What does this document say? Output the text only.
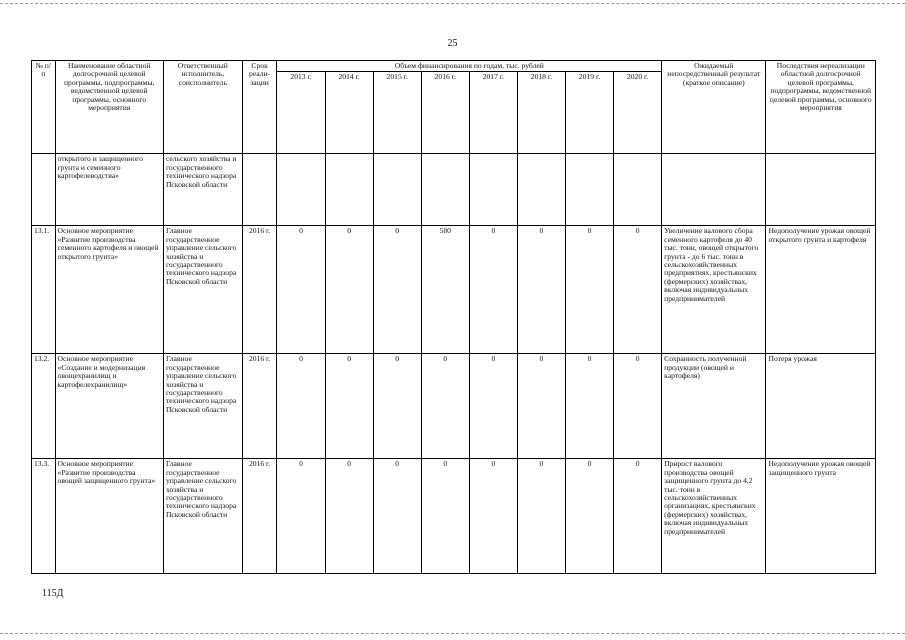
25
№ п/п	Наименование областной долгосрочной целевой программы, подпрограммы, ведомственной целевой программы, основного мероприятия	Ответственный исполнитель, соисполнитель	Срок реали-зации	Объем финансирования по годам, тыс. рублей								Ожидаемый непосредственный результат (краткое описание)	Последствия нереализации областной долгосрочной целевой программы, подпрограммы, ведомственной целевой программы, основного мероприятия
				2013 г.	2014 г.	2015 г.	2016 г.	2017 г.	2018 г.	2019 г.	2020 г.		
	открытого и защищенного грунта и семенного картофелеводства»	сельского хозяйства и государственного технического надзора Псковской области											
13.1.	Основное мероприятие «Развитие производства семенного картофеля и овощей открытого грунта»	Главное государственное управление сельского хозяйства и государственного технического надзора Псковской области	2016 г.	0	0	0	580	0	0	0	0	Увеличение валового сбора семенного картофеля до 40 тыс. тонн, овощей открытого грунта - до 6 тыс. тонн в сельскохозяйственных предприятиях, крестьянских (фермерских) хозяйствах, включая индивидуальных предпринимателей	Недополучение урожая овощей открытого грунта и картофеля
13.2.	Основное мероприятие «Создание и модернизация овощехранилищ и картофелехранилищ»	Главное государственное управление сельского хозяйства и государственного технического надзора Псковской области	2016 г.	0	0	0	0	0	0	0	0	Сохранность полученной продукции (овощей и картофеля)	Потеря урожая
13.3.	Основное мероприятие «Развитие производства овощей защищенного грунта»	Главное государственное управление сельского хозяйства и государственного технического надзора Псковской области	2016 г.	0	0	0	0	0	0	0	0	Прирост валового производства овощей защищенного грунта до 4,2 тыс. тонн в сельскохозяйственных организациях, крестьянских (фермерских) хозяйствах, включая индивидуальных предпринимателей	Недополучение урожая овощей защищенного грунта
115Д
